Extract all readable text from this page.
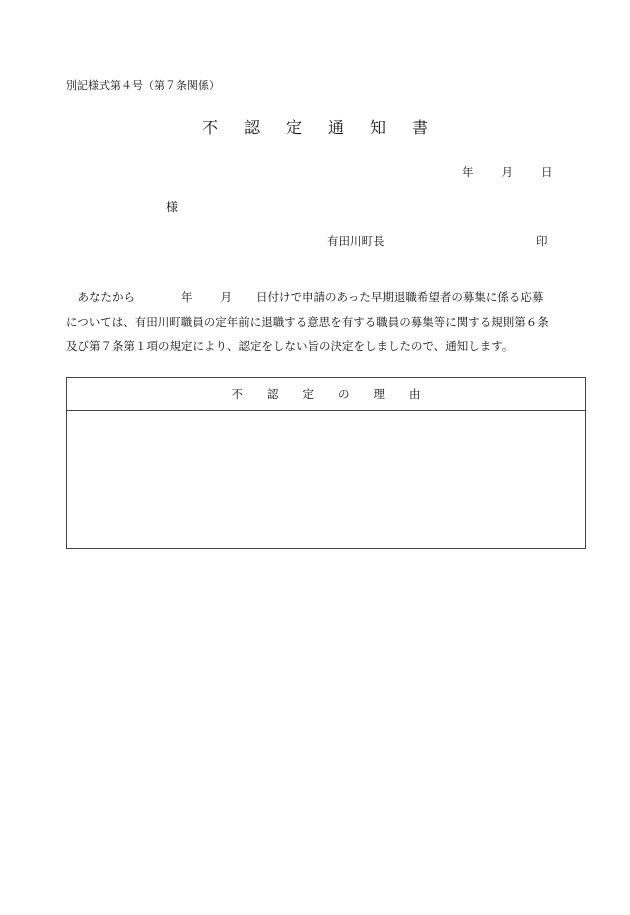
別記様式第４号（第７条関係）
不 認 定 通 知 書
年 月 日
様
有田川町長	印
　あなたから	年 月 日付けで申請のあった早期退職希望者の募集に係る応募
については、有田川町職員の定年前に退職する意思を有する職員の募集等に関する規則第６条
及び第７条第１項の規定により、認定をしない旨の決定をしましたので、通知します。
不 認 定 の 理 由
